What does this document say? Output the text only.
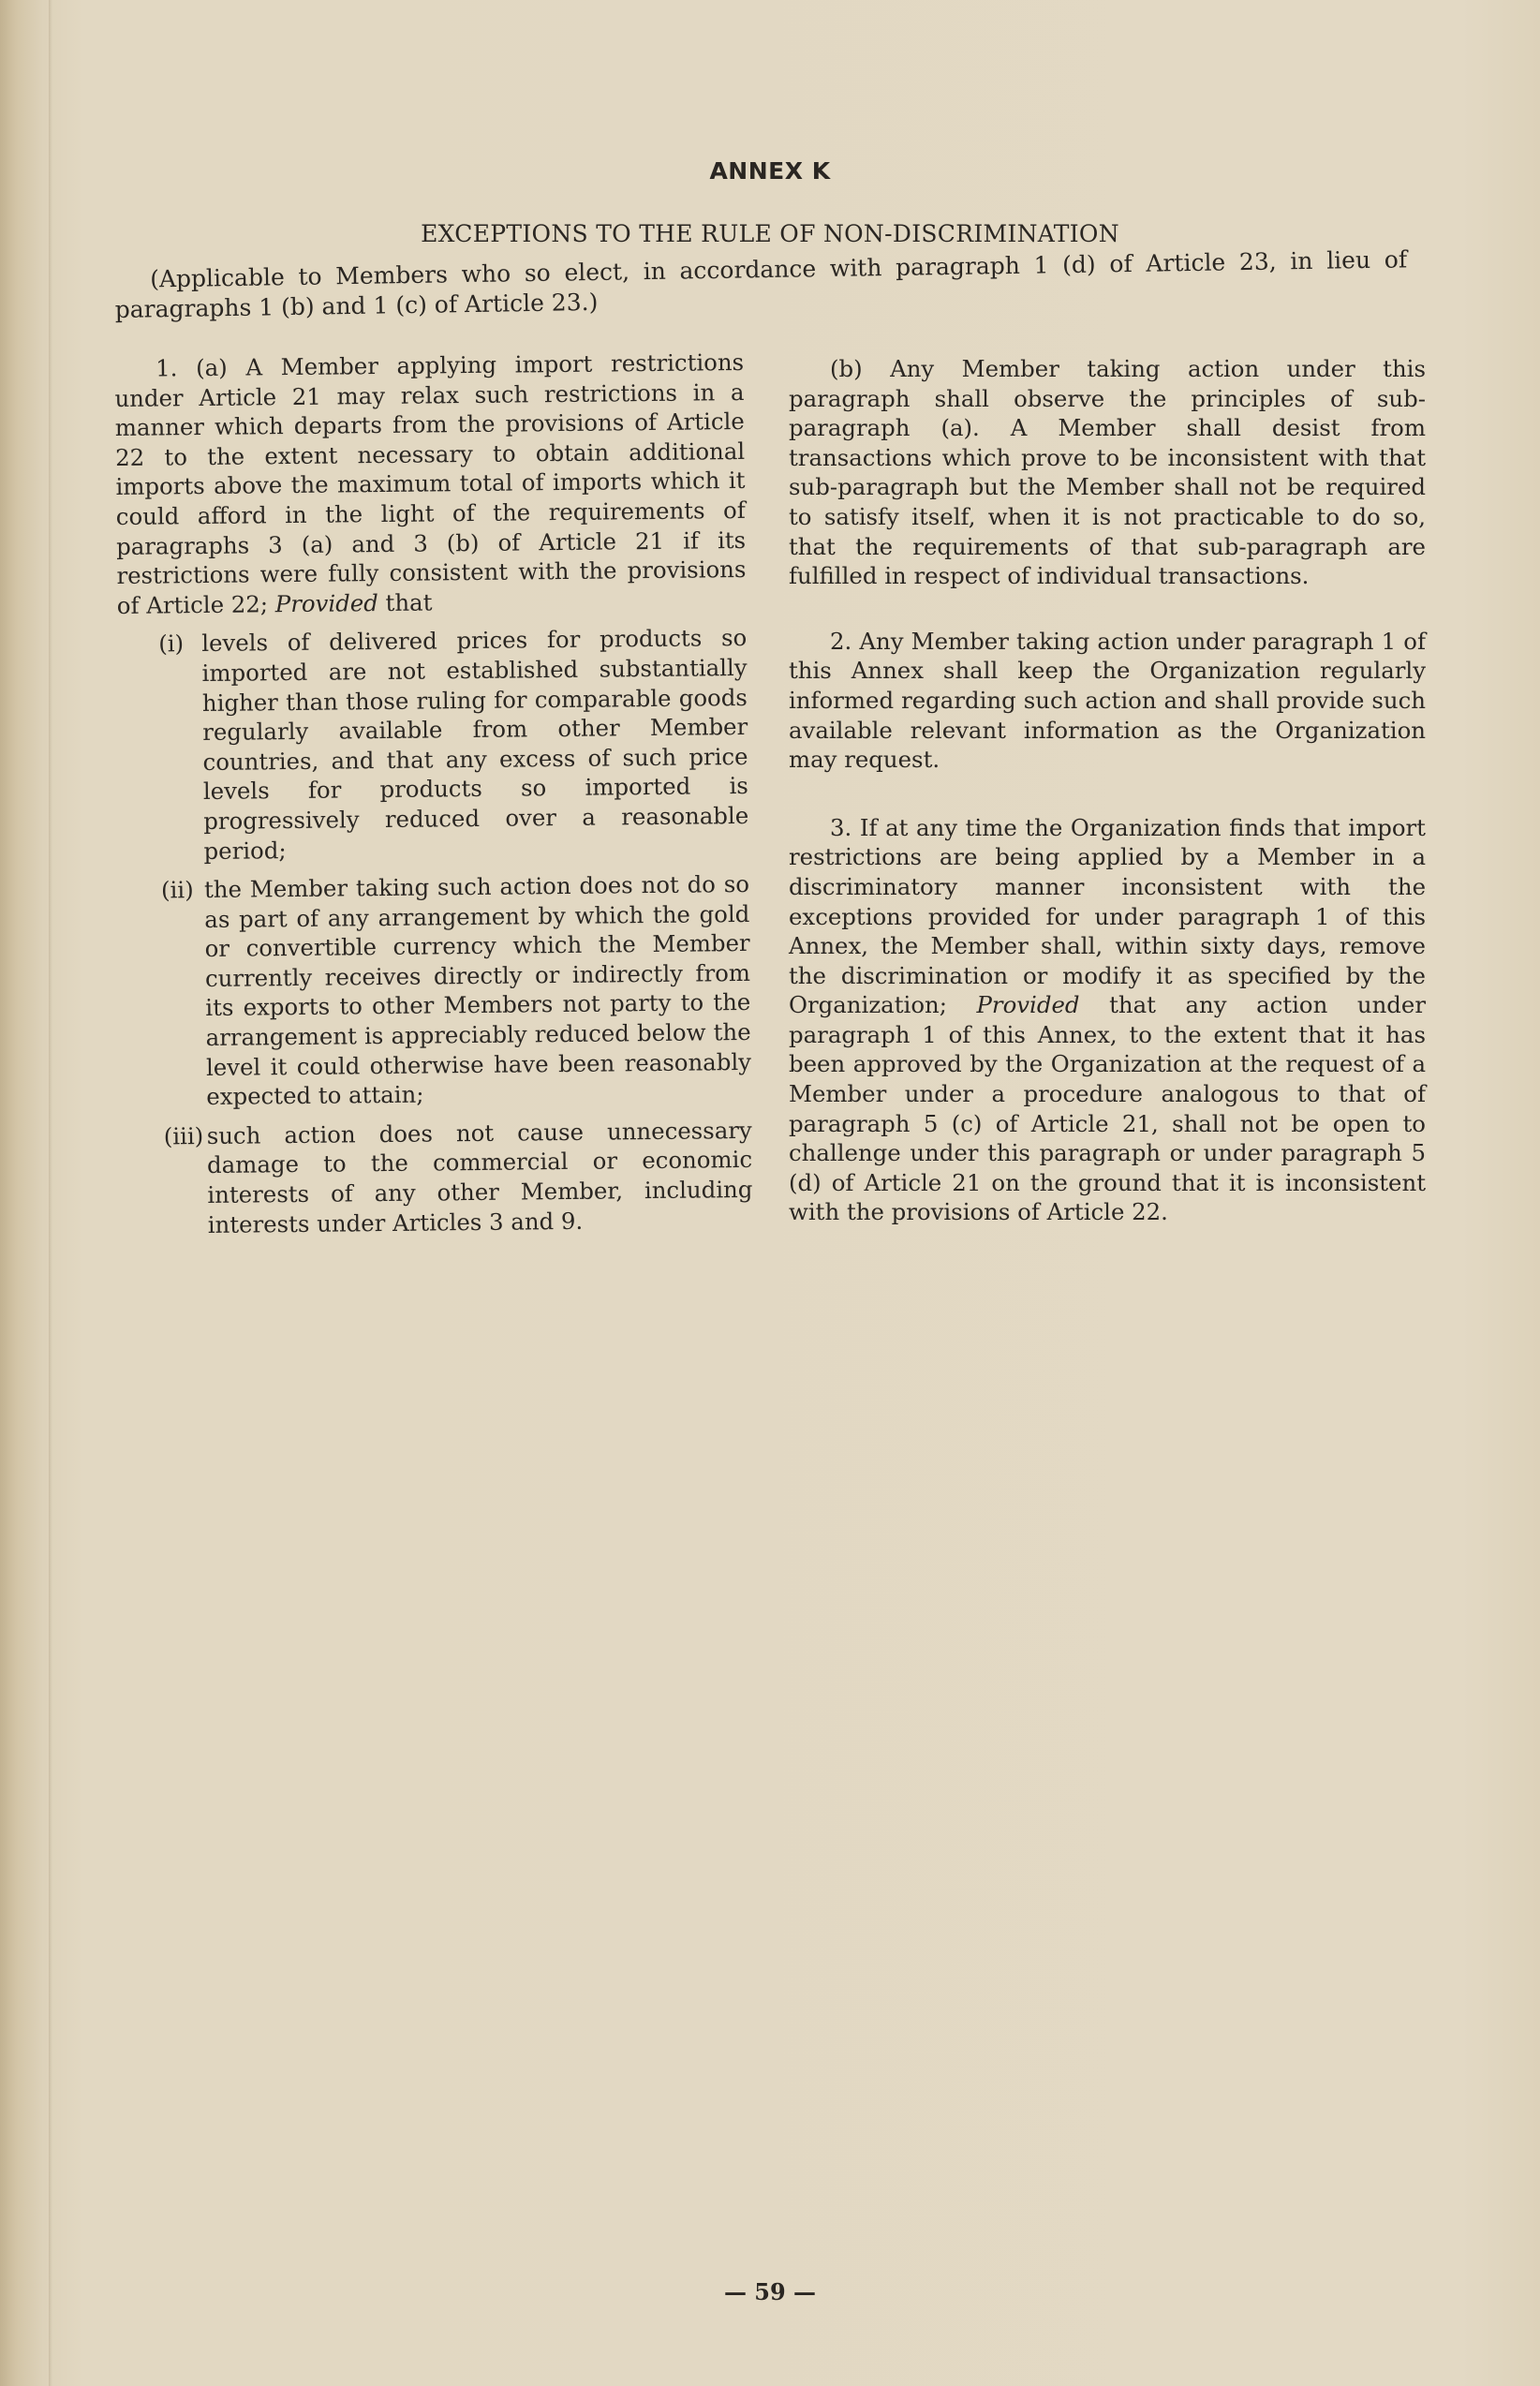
ANNEX K
EXCEPTIONS TO THE RULE OF NON-DISCRIMINATION

(Applicable to Members who so elect, in accordance with paragraph 1 (d) of Article 23, in lieu of paragraphs 1 (b) and 1 (c) of Article 23.)

1. (a) A Member applying import restrictions under Article 21 may relax such restrictions in a manner which departs from the provisions of Article 22 to the extent necessary to obtain additional imports above the maximum total of imports which it could afford in the light of the requirements of paragraphs 3 (a) and 3 (b) of Article 21 if its restrictions were fully consistent with the provisions of Article 22; Provided that

(i) levels of delivered prices for products so imported are not established substantially higher than those ruling for comparable goods regularly available from other Member countries, and that any excess of such price levels for products so imported is progressively reduced over a reasonable period;
(ii) the Member taking such action does not do so as part of any arrangement by which the gold or convertible currency which the Member currently receives directly or indirectly from its exports to other Members not party to the arrangement is appreciably reduced below the level it could otherwise have been reasonably expected to attain;
(iii) such action does not cause unnecessary damage to the commercial or economic interests of any other Member, including interests under Articles 3 and 9.

(b) Any Member taking action under this paragraph shall observe the principles of sub-paragraph (a). A Member shall desist from transactions which prove to be inconsistent with that sub-paragraph but the Member shall not be required to satisfy itself, when it is not practicable to do so, that the requirements of that sub-paragraph are fulfilled in respect of individual transactions.

2. Any Member taking action under paragraph 1 of this Annex shall keep the Organization regularly informed regarding such action and shall provide such available relevant information as the Organization may request.

3. If at any time the Organization finds that import restrictions are being applied by a Member in a discriminatory manner inconsistent with the exceptions provided for under paragraph 1 of this Annex, the Member shall, within sixty days, remove the discrimination or modify it as specified by the Organization; Provided that any action under paragraph 1 of this Annex, to the extent that it has been approved by the Organization at the request of a Member under a procedure analogous to that of paragraph 5 (c) of Article 21, shall not be open to challenge under this paragraph or under paragraph 5 (d) of Article 21 on the ground that it is inconsistent with the provisions of Article 22.

— 59 —
